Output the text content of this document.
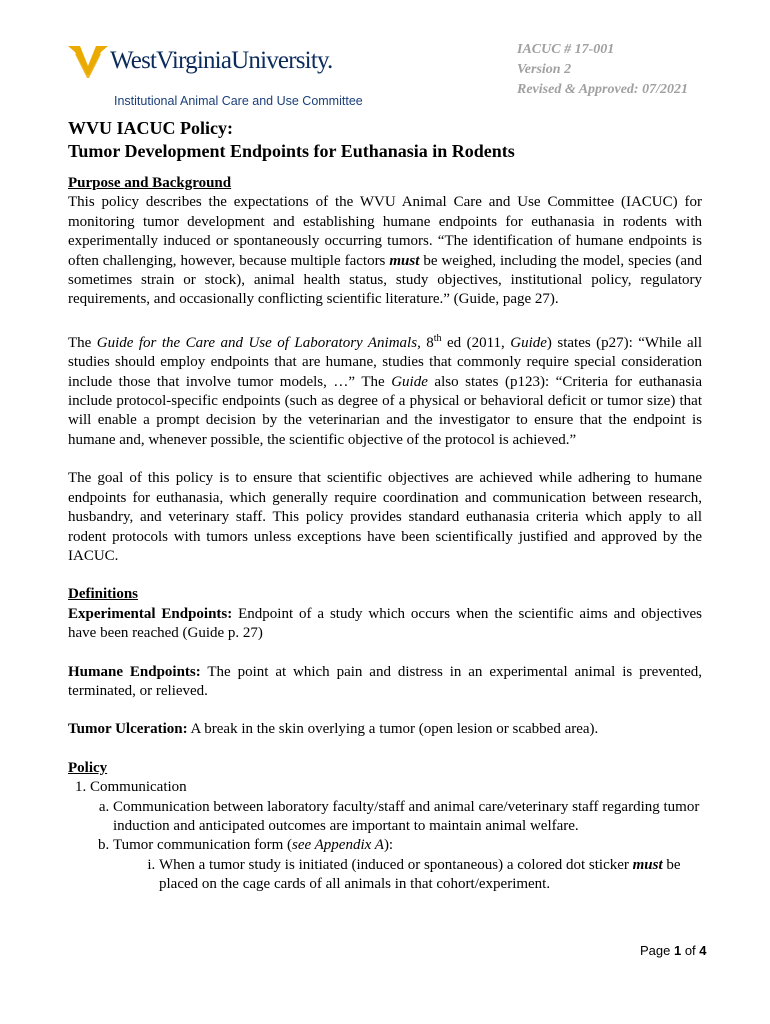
WestVirginiaUniversity.
Institutional Animal Care and Use Committee
IACUC # 17-001
Version 2
Revised & Approved: 07/2021
WVU IACUC Policy:
Tumor Development Endpoints for Euthanasia in Rodents
Purpose and Background

This policy describes the expectations of the WVU Animal Care and Use Committee (IACUC) for monitoring tumor development and establishing humane endpoints for euthanasia in rodents with experimentally induced or spontaneously occurring tumors. “The identification of humane endpoints is often challenging, however, because multiple factors must be weighed, including the model, species (and sometimes strain or stock), animal health status, study objectives, institutional policy, regulatory requirements, and occasionally conflicting scientific literature.” (Guide, page 27).

The Guide for the Care and Use of Laboratory Animals, 8th ed (2011, Guide) states (p27): “While all studies should employ endpoints that are humane, studies that commonly require special consideration include those that involve tumor models, …” The Guide also states (p123): “Criteria for euthanasia include protocol-specific endpoints (such as degree of a physical or behavioral deficit or tumor size) that will enable a prompt decision by the veterinarian and the investigator to ensure that the endpoint is humane and, whenever possible, the scientific objective of the protocol is achieved.”

The goal of this policy is to ensure that scientific objectives are achieved while adhering to humane endpoints for euthanasia, which generally require coordination and communication between research, husbandry, and veterinary staff. This policy provides standard euthanasia criteria which apply to all rodent protocols with tumors unless exceptions have been scientifically justified and approved by the IACUC.

Definitions

Experimental Endpoints: Endpoint of a study which occurs when the scientific aims and objectives have been reached (Guide p. 27)

Humane Endpoints: The point at which pain and distress in an experimental animal is prevented, terminated, or relieved.

Tumor Ulceration: A break in the skin overlying a tumor (open lesion or scabbed area).

Policy
1. Communication
a. Communication between laboratory faculty/staff and animal care/veterinary staff regarding tumor induction and anticipated outcomes are important to maintain animal welfare.
b. Tumor communication form (see Appendix A):
i. When a tumor study is initiated (induced or spontaneous) a colored dot sticker must be placed on the cage cards of all animals in that cohort/experiment.
Page 1 of 4
